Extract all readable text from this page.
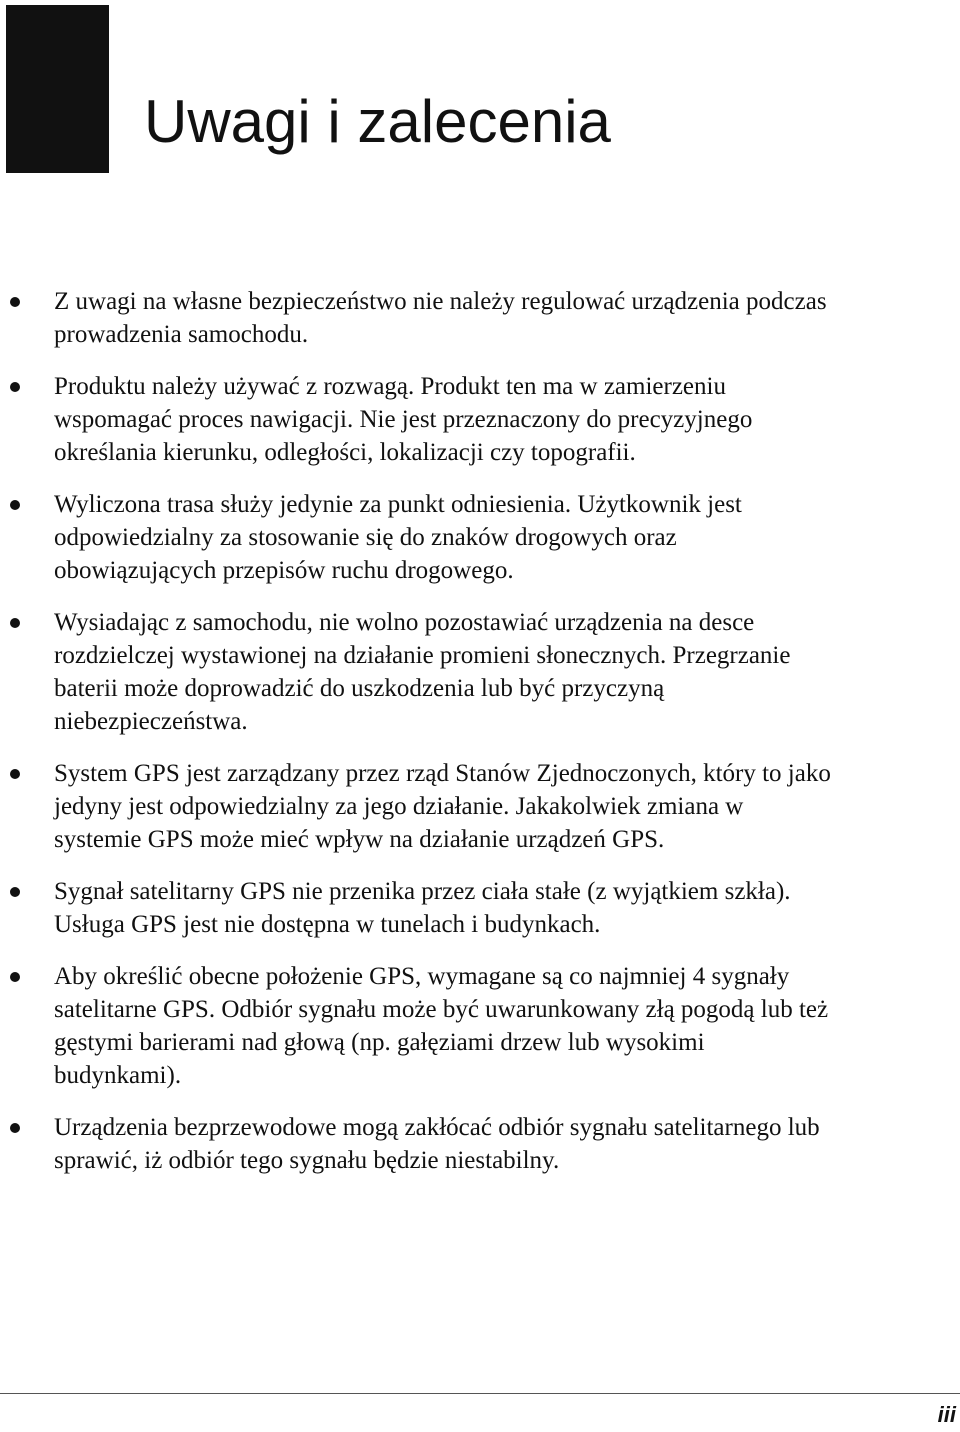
Uwagi i zalecenia
Z uwagi na własne bezpieczeństwo nie należy regulować urządzenia podczas
prowadzenia samochodu.
Produktu należy używać z rozwagą. Produkt ten ma w zamierzeniu
wspomagać proces nawigacji. Nie jest przeznaczony do precyzyjnego
określania kierunku, odległości, lokalizacji czy topografii.
Wyliczona trasa służy jedynie za punkt odniesienia. Użytkownik jest
odpowiedzialny za stosowanie się do znaków drogowych oraz
obowiązujących przepisów ruchu drogowego.
Wysiadając z samochodu, nie wolno pozostawiać urządzenia na desce
rozdzielczej wystawionej na działanie promieni słonecznych. Przegrzanie
baterii może doprowadzić do uszkodzenia lub być przyczyną
niebezpieczeństwa.
System GPS jest zarządzany przez rząd Stanów Zjednoczonych, który to jako
jedyny jest odpowiedzialny za jego działanie. Jakakolwiek zmiana w
systemie GPS może mieć wpływ na działanie urządzeń GPS.
Sygnał satelitarny GPS nie przenika przez ciała stałe (z wyjątkiem szkła).
Usługa GPS jest nie dostępna w tunelach i budynkach.
Aby określić obecne położenie GPS, wymagane są co najmniej 4 sygnały
satelitarne GPS. Odbiór sygnału może być uwarunkowany złą pogodą lub też
gęstymi barierami nad głową (np. gałęziami drzew lub wysokimi
budynkami).
Urządzenia bezprzewodowe mogą zakłócać odbiór sygnału satelitarnego lub
sprawić, iż odbiór tego sygnału będzie niestabilny.
iii
